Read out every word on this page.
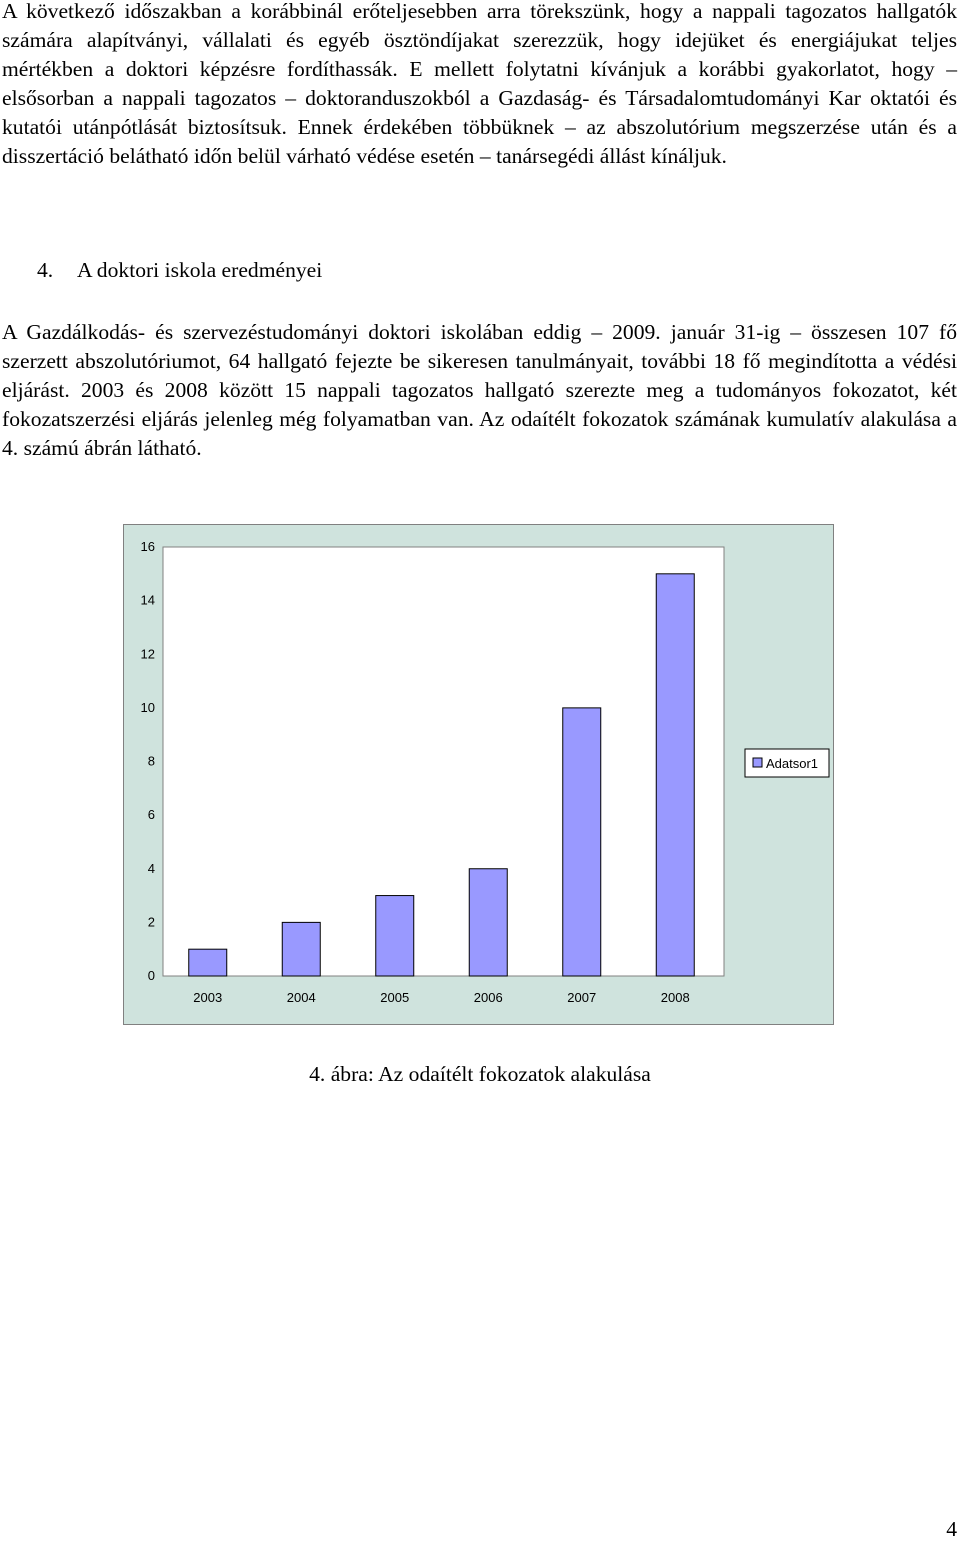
A következő időszakban a korábbinál erőteljesebben arra törekszünk, hogy a nappali tagozatos hallgatók számára alapítványi, vállalati és egyéb ösztöndíjakat szerezzük, hogy idejüket és energiájukat teljes mértékben a doktori képzésre fordíthassák. E mellett folytatni kívánjuk a korábbi gyakorlatot, hogy – elsősorban a nappali tagozatos – doktoranduszokból a Gazdaság- és Társadalomtudományi Kar oktatói és kutatói utánpótlását biztosítsuk. Ennek érdekében többüknek – az abszolutórium megszerzése után és a disszertáció belátható időn belül várható védése esetén – tanársegédi állást kínáljuk.

4. A doktori iskola eredményei

A Gazdálkodás- és szervezéstudományi doktori iskolában eddig – 2009. január 31-ig – összesen 107 fő szerzett abszolutóriumot, 64 hallgató fejezte be sikeresen tanulmányait, további 18 fő megindította a védési eljárást. 2003 és 2008 között 15 nappali tagozatos hallgató szerezte meg a tudományos fokozatot, két fokozatszerzési eljárás jelenleg még folyamatban van. Az odaítélt fokozatok számának kumulatív alakulása a 4. számú ábrán látható.

0
2
4
6
8
10
12
14
16
2003	2004	2005	2006	2007	2008
Adatsor1

4. ábra: Az odaítélt fokozatok alakulása

4
